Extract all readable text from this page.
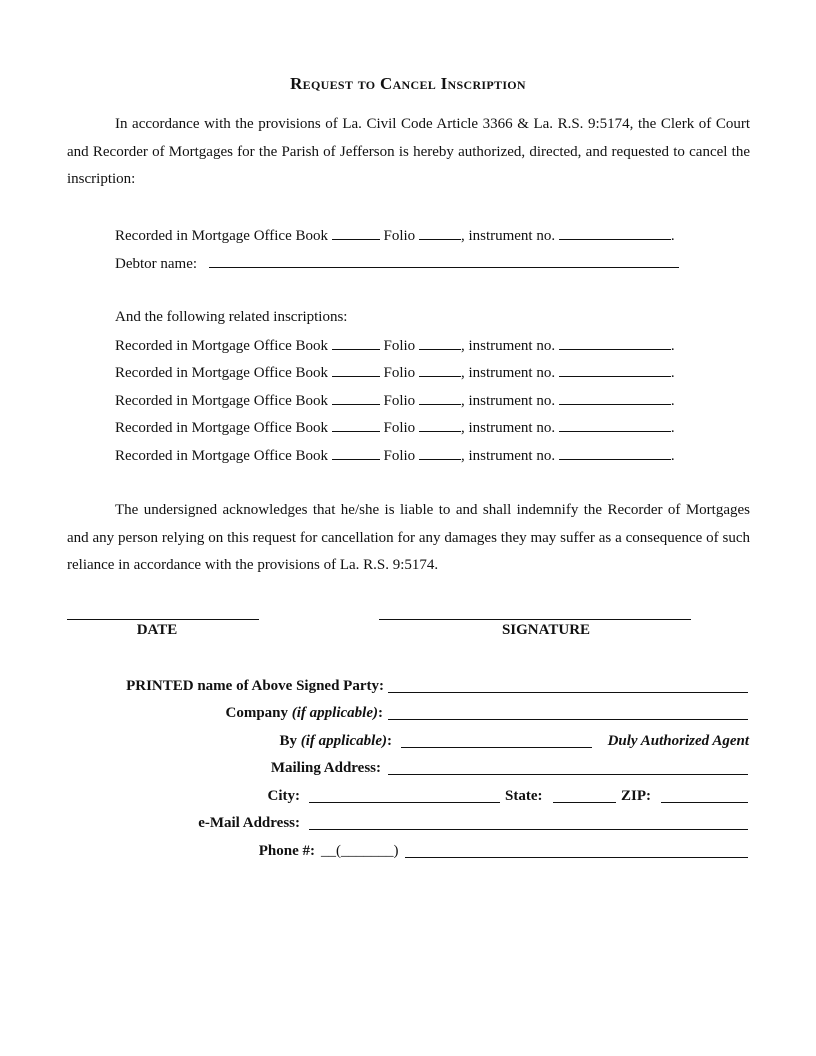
Request to Cancel Inscription
In accordance with the provisions of La. Civil Code Article 3366 & La. R.S. 9:5174, the Clerk of Court and Recorder of Mortgages for the Parish of Jefferson is hereby authorized, directed, and requested to cancel the inscription:
Recorded in Mortgage Office Book	Folio	, instrument no.	.
Debtor name:
And the following related inscriptions:
Recorded in Mortgage Office Book	Folio	, instrument no.	.
Recorded in Mortgage Office Book	Folio	, instrument no.	.
Recorded in Mortgage Office Book	Folio	, instrument no.	.
Recorded in Mortgage Office Book	Folio	, instrument no.	.
Recorded in Mortgage Office Book	Folio	, instrument no.	.
The undersigned acknowledges that he/she is liable to and shall indemnify the Recorder of Mortgages and any person relying on this request for cancellation for any damages they may suffer as a consequence of such reliance in accordance with the provisions of La. R.S. 9:5174.
DATE	SIGNATURE
PRINTED name of Above Signed Party:
Company (if applicable):
By (if applicable):	Duly Authorized Agent
Mailing Address:
City:	State:	ZIP:
e-Mail Address:
Phone #: __(_______)
